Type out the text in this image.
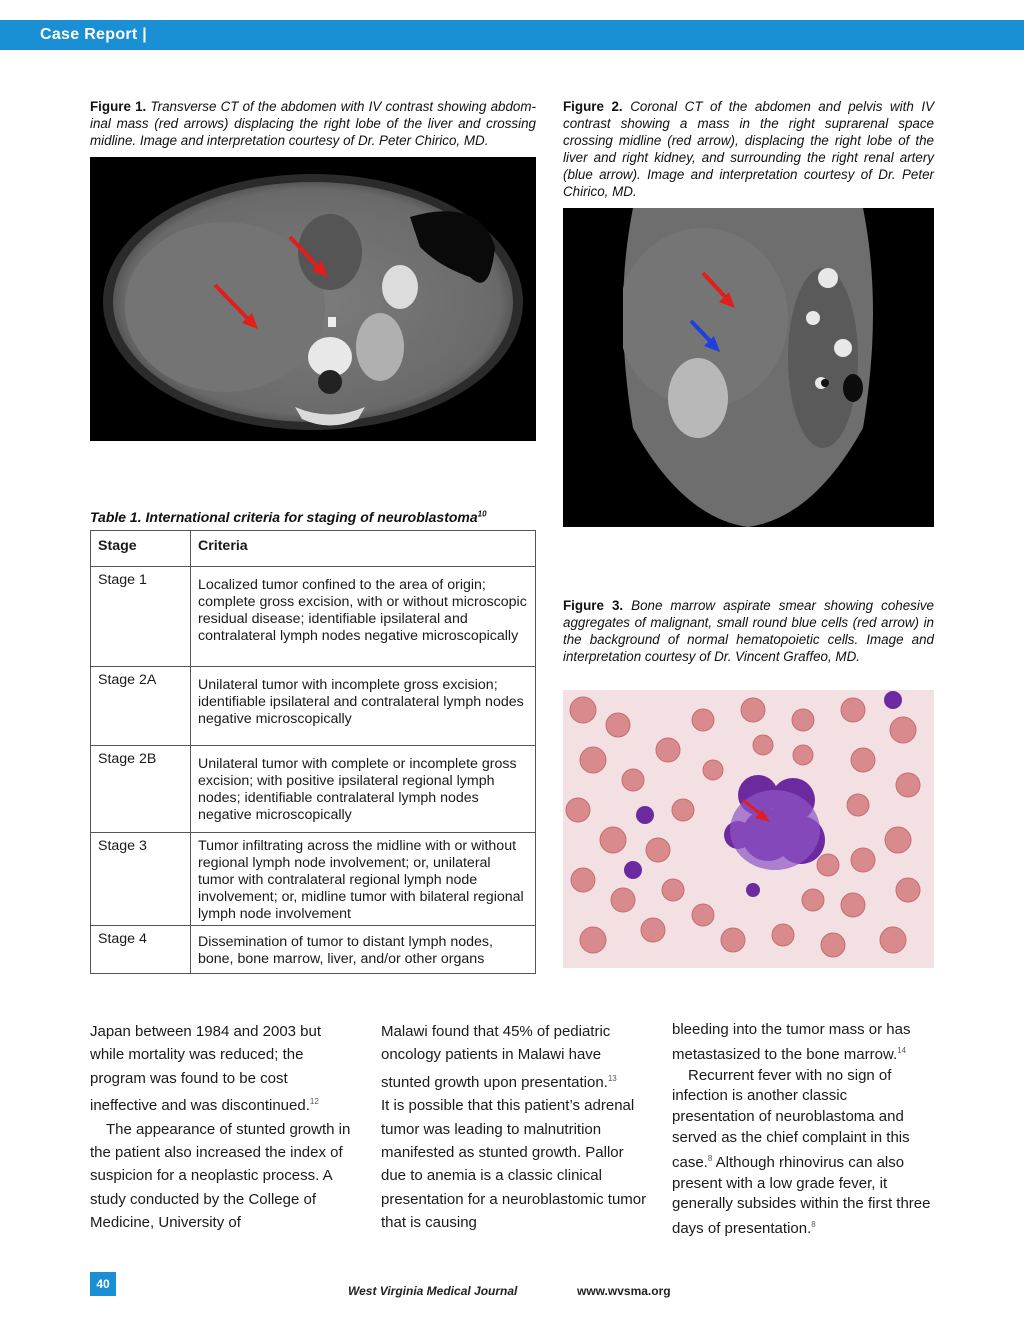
Case Report |
Figure 1. Transverse CT of the abdomen with IV contrast showing abdom-inal mass (red arrows) displacing the right lobe of the liver and crossing midline. Image and interpretation courtesy of Dr. Peter Chirico, MD.
Figure 2. Coronal CT of the abdomen and pelvis with IV contrast showing a mass in the right suprarenal space crossing midline (red arrow), displacing the right lobe of the liver and right kidney, and surrounding the right renal artery (blue arrow). Image and interpretation courtesy of Dr. Peter Chirico, MD.
Figure 3. Bone marrow aspirate smear showing cohesive aggregates of malignant, small round blue cells (red arrow) in the background of normal hematopoietic cells. Image and interpretation courtesy of Dr. Vincent Graffeo, MD.
Table 1. International criteria for staging of neuroblastoma$^{10}$
Stage	Criteria
Stage 1	Localized tumor confined to the area of origin; complete gross excision, with or without microscopic residual disease; identifiable ipsilateral and contralateral lymph nodes negative microscopically
Stage 2A	Unilateral tumor with incomplete gross excision; identifiable ipsilateral and contralateral lymph nodes negative microscopically
Stage 2B	Unilateral tumor with complete or incomplete gross excision; with positive ipsilateral regional lymph nodes; identifiable contralateral lymph nodes negative microscopically
Stage 3	Tumor infiltrating across the midline with or without regional lymph node involvement; or, unilateral tumor with contralateral regional lymph node involvement; or, midline tumor with bilateral regional lymph node involvement
Stage 4	Dissemination of tumor to distant lymph nodes, bone, bone marrow, liver, and/or other organs

Japan between 1984 and 2003 but while mortality was reduced; the program was found to be cost ineffective and was discontinued.$^{12}$

The appearance of stunted growth in the patient also increased the index of suspicion for a neoplastic process. A study conducted by the College of Medicine, University of

Malawi found that 45% of pediatric oncology patients in Malawi have stunted growth upon presentation.$^{13}$

It is possible that this patient’s adrenal tumor was leading to malnutrition manifested as stunted growth. Pallor due to anemia is a classic clinical presentation for a neuroblastomic tumor that is causing

bleeding into the tumor mass or has metastasized to the bone marrow.$^{14}$

Recurrent fever with no sign of infection is another classic presentation of neuroblastoma and served as the chief complaint in this case.$^8$ Although rhinovirus can also present with a low grade fever, it generally subsides within the first three days of presentation.$^8$

40	West Virginia Medical Journal	www.wvsma.org
